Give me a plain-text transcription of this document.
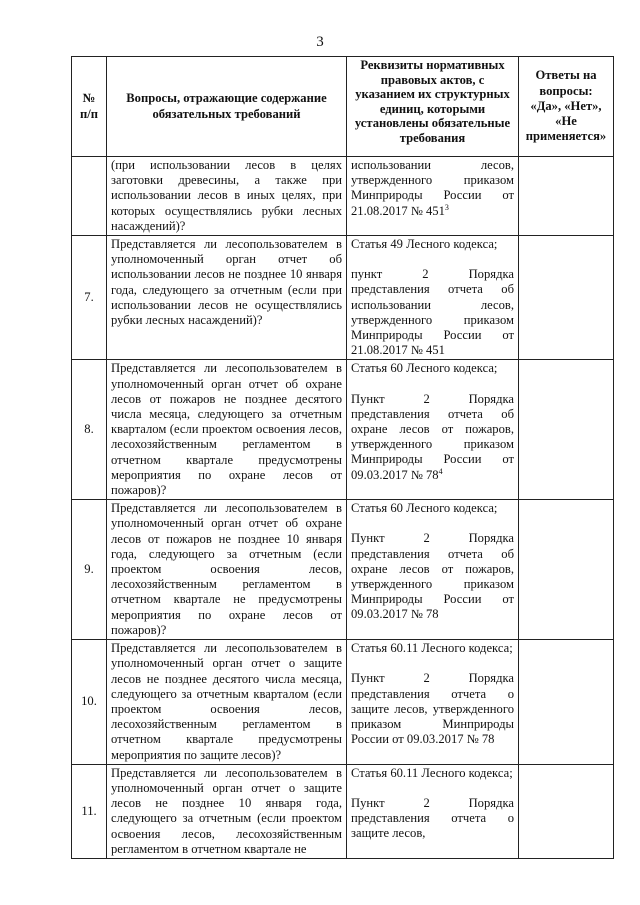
3
№ п/п	Вопросы, отражающие содержание обязательных требований	Реквизиты нормативных правовых актов, с указанием их структурных единиц, которыми установлены обязательные требования	Ответы на вопросы: «Да», «Нет», «Не применяется»
	(при использовании лесов в целях заготовки древесины, а также при использовании лесов в иных целях, при которых осуществлялись рубки лесных насаждений)?	использовании лесов, утвержденного приказом Минприроды России от 21.08.2017 № $451^3$

7.	Представляется ли лесопользователем в уполномоченный орган отчет об использовании лесов не позднее 10 января года, следующего за отчетным (если при использовании лесов не осуществлялись рубки лесных насаждений)?	Статья 49 Лесного кодекса;

пункт 2 Порядка представления отчета об использовании лесов, утвержденного приказом Минприроды России от 21.08.2017 № 451	

8.	Представляется ли лесопользователем в уполномоченный орган отчет об охране лесов от пожаров не позднее десятого числа месяца, следующего за отчетным кварталом (если проектом освоения лесов, лесохозяйственным регламентом в отчетном квартале предусмотрены мероприятия по охране лесов от пожаров)?	Статья 60 Лесного кодекса;

Пункт 2 Порядка представления отчета об охране лесов от пожаров, утвержденного приказом Минприроды России от 09.03.2017 № $78^4$

9.	Представляется ли лесопользователем в уполномоченный орган отчет об охране лесов от пожаров не позднее 10 января года, следующего за отчетным (если проектом освоения лесов, лесохозяйственным регламентом в отчетном квартале не предусмотрены мероприятия по охране лесов от пожаров)?	Статья 60 Лесного кодекса;

Пункт 2 Порядка представления отчета об охране лесов от пожаров, утвержденного приказом Минприроды России от 09.03.2017 № 78	

10.	Представляется ли лесопользователем в уполномоченный орган отчет о защите лесов не позднее десятого числа месяца, следующего за отчетным кварталом (если проектом освоения лесов, лесохозяйственным регламентом в отчетном квартале предусмотрены мероприятия по защите лесов)?	Статья 60.11 Лесного кодекса;

Пункт 2 Порядка представления отчета о защите лесов, утвержденного приказом Минприроды России от 09.03.2017 № 78	

11.	Представляется ли лесопользователем в уполномоченный орган отчет о защите лесов не позднее 10 января года, следующего за отчетным (если проектом освоения лесов, лесохозяйственным регламентом в отчетном квартале не	Статья 60.11 Лесного кодекса;

Пункт 2 Порядка представления отчета о защите лесов,	
